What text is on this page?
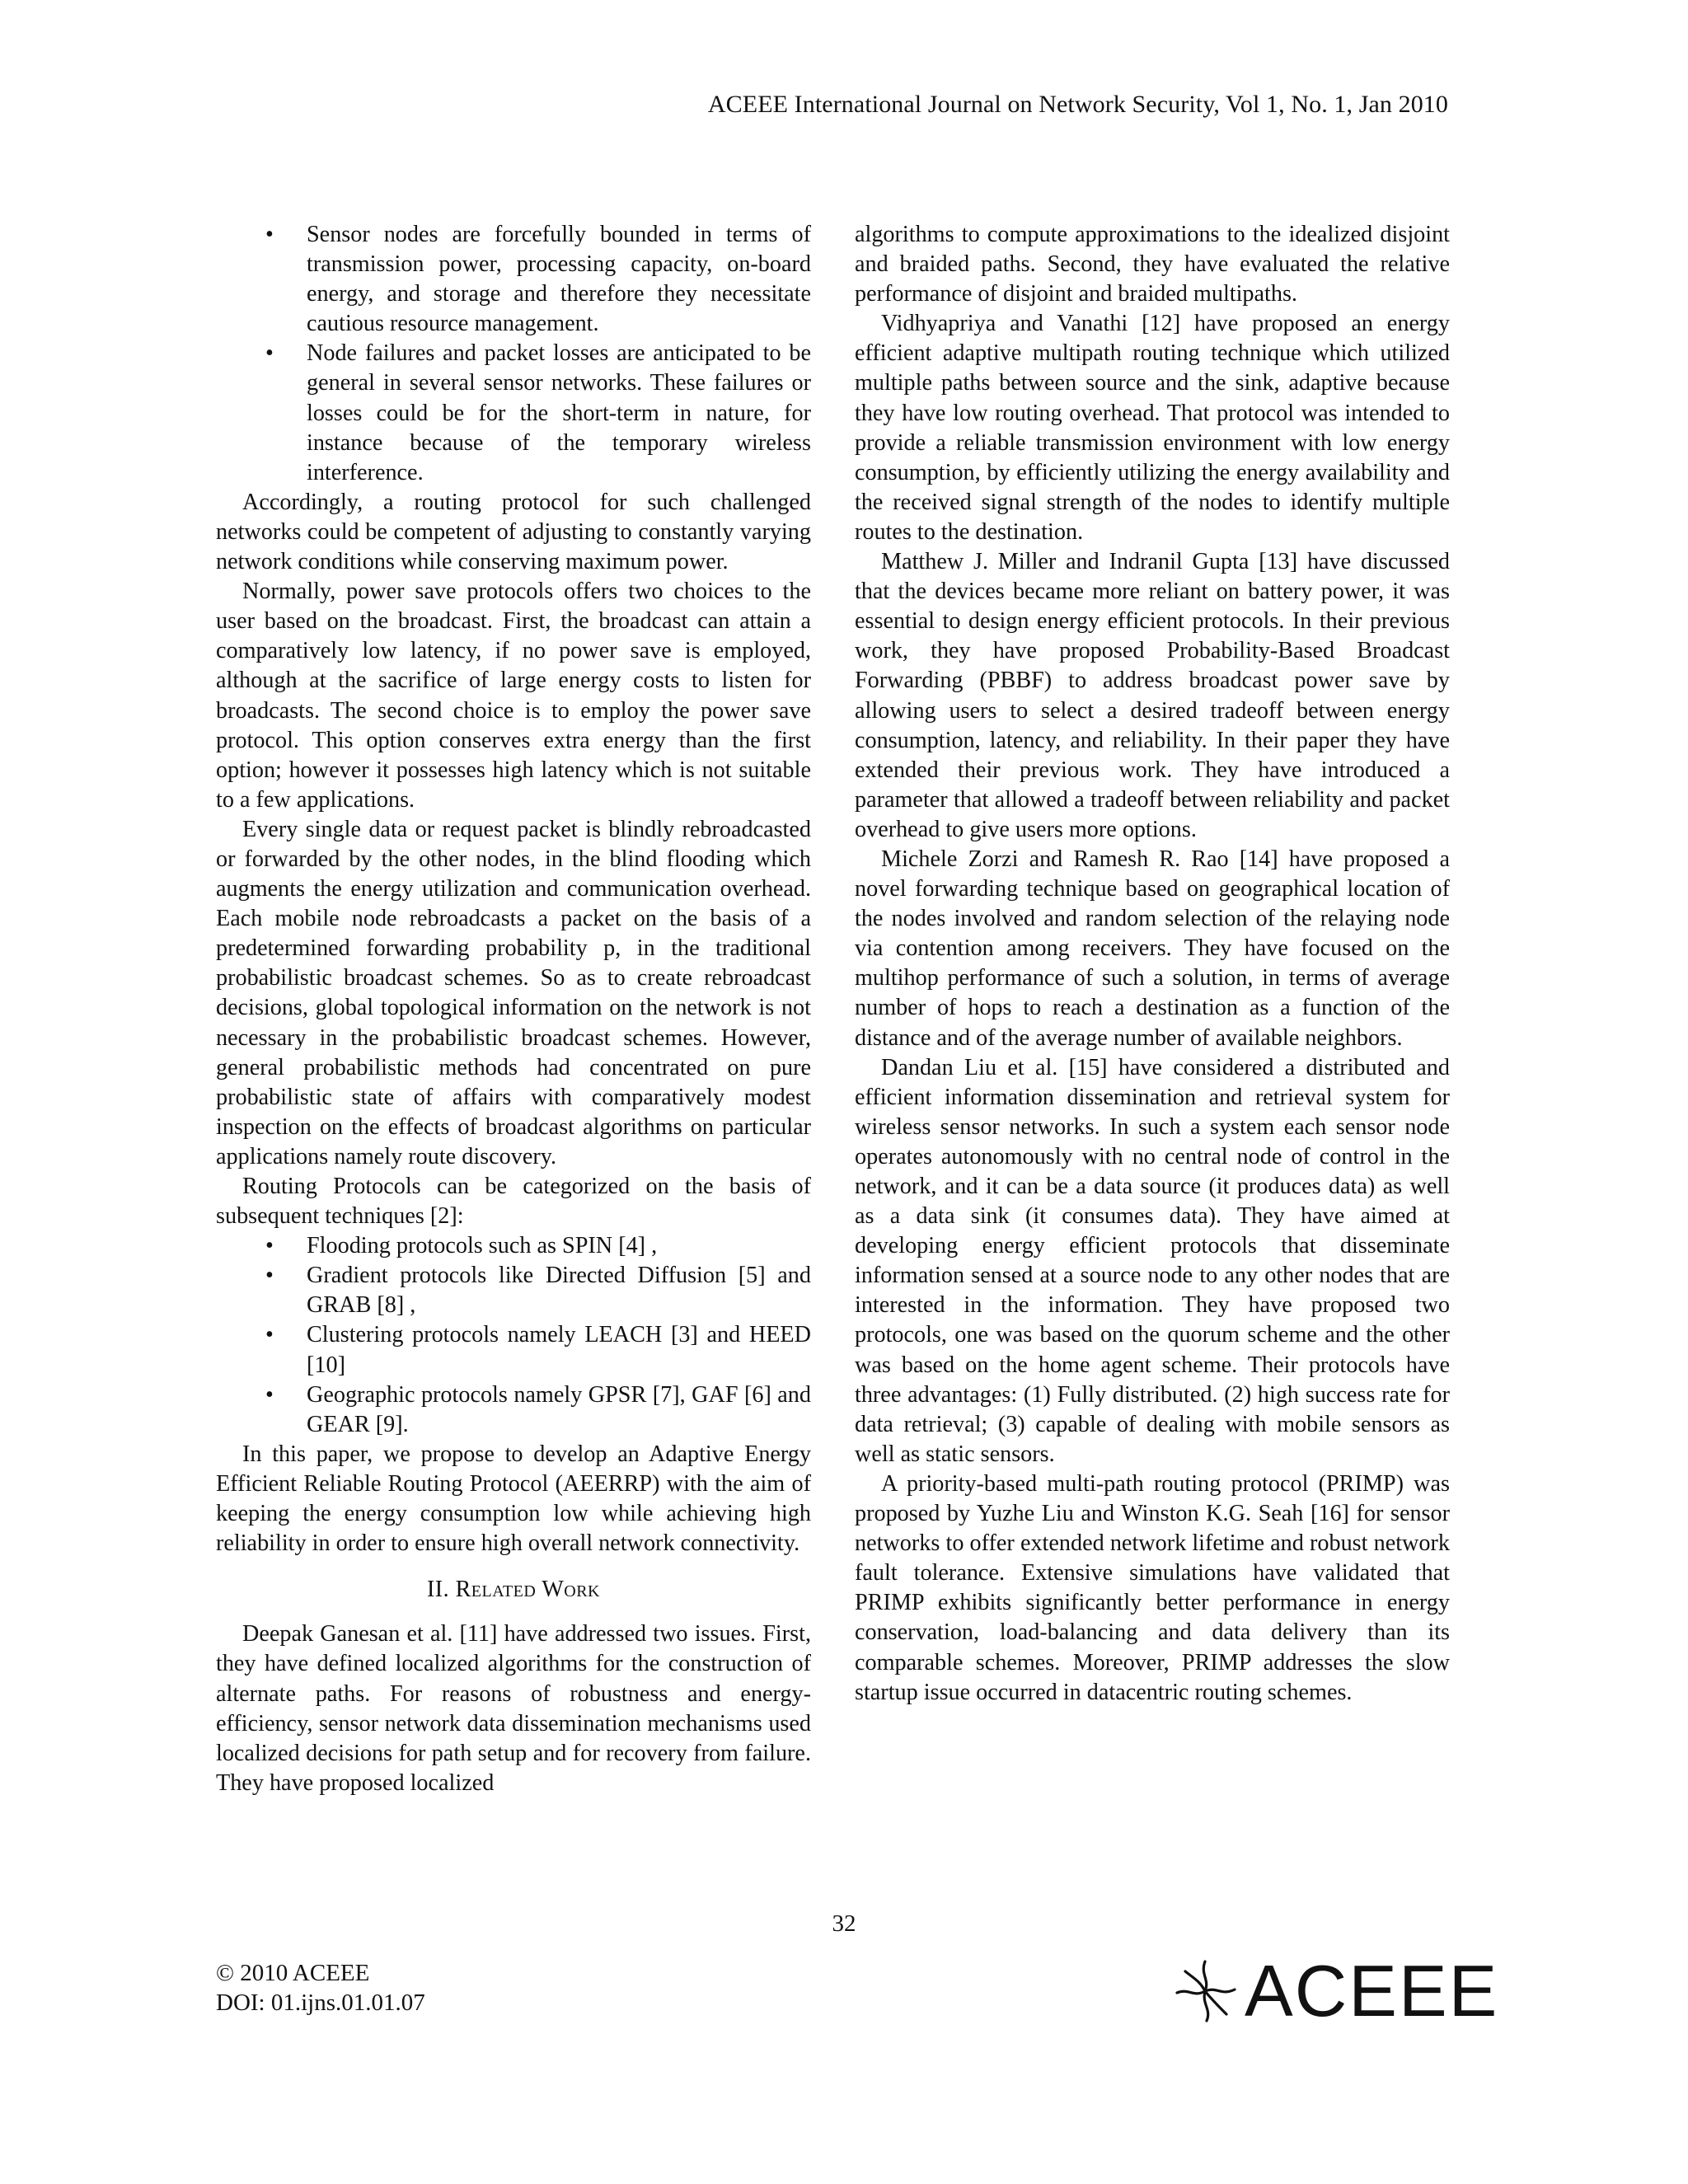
ACEEE International Journal on Network Security, Vol 1, No. 1, Jan 2010
• Sensor nodes are forcefully bounded in terms of transmission power, processing capacity, on-board energy, and storage and therefore they necessitate cautious resource management.
• Node failures and packet losses are anticipated to be general in several sensor networks. These failures or losses could be for the short-term in nature, for instance because of the temporary wireless interference.

Accordingly, a routing protocol for such challenged networks could be competent of adjusting to constantly varying network conditions while conserving maximum power.

Normally, power save protocols offers two choices to the user based on the broadcast. First, the broadcast can attain a comparatively low latency, if no power save is employed, although at the sacrifice of large energy costs to listen for broadcasts. The second choice is to employ the power save protocol. This option conserves extra energy than the first option; however it possesses high latency which is not suitable to a few applications.

Every single data or request packet is blindly rebroadcasted or forwarded by the other nodes, in the blind flooding which augments the energy utilization and communication overhead. Each mobile node rebroadcasts a packet on the basis of a predetermined forwarding probability p, in the traditional probabilistic broadcast schemes. So as to create rebroadcast decisions, global topological information on the network is not necessary in the probabilistic broadcast schemes. However, general probabilistic methods had concentrated on pure probabilistic state of affairs with comparatively modest inspection on the effects of broadcast algorithms on particular applications namely route discovery.

Routing Protocols can be categorized on the basis of subsequent techniques [2]:

• Flooding protocols such as SPIN [4] ,
• Gradient protocols like Directed Diffusion [5] and GRAB [8] ,
• Clustering protocols namely LEACH [3] and HEED [10]
• Geographic protocols namely GPSR [7], GAF [6] and GEAR [9].

In this paper, we propose to develop an Adaptive Energy Efficient Reliable Routing Protocol (AEERRP) with the aim of keeping the energy consumption low while achieving high reliability in order to ensure high overall network connectivity.

II. Related Work

Deepak Ganesan et al. [11] have addressed two issues. First, they have defined localized algorithms for the construction of alternate paths. For reasons of robustness and energy-efficiency, sensor network data dissemination mechanisms used localized decisions for path setup and for recovery from failure. They have proposed localized

algorithms to compute approximations to the idealized disjoint and braided paths. Second, they have evaluated the relative performance of disjoint and braided multipaths.

Vidhyapriya and Vanathi [12] have proposed an energy efficient adaptive multipath routing technique which utilized multiple paths between source and the sink, adaptive because they have low routing overhead. That protocol was intended to provide a reliable transmission environment with low energy consumption, by efficiently utilizing the energy availability and the received signal strength of the nodes to identify multiple routes to the destination.

Matthew J. Miller and Indranil Gupta [13] have discussed that the devices became more reliant on battery power, it was essential to design energy efficient protocols. In their previous work, they have proposed Probability-Based Broadcast Forwarding (PBBF) to address broadcast power save by allowing users to select a desired tradeoff between energy consumption, latency, and reliability. In their paper they have extended their previous work. They have introduced a parameter that allowed a tradeoff between reliability and packet overhead to give users more options.

Michele Zorzi and Ramesh R. Rao [14] have proposed a novel forwarding technique based on geographical location of the nodes involved and random selection of the relaying node via contention among receivers. They have focused on the multihop performance of such a solution, in terms of average number of hops to reach a destination as a function of the distance and of the average number of available neighbors.

Dandan Liu et al. [15] have considered a distributed and efficient information dissemination and retrieval system for wireless sensor networks. In such a system each sensor node operates autonomously with no central node of control in the network, and it can be a data source (it produces data) as well as a data sink (it consumes data). They have aimed at developing energy efficient protocols that disseminate information sensed at a source node to any other nodes that are interested in the information. They have proposed two protocols, one was based on the quorum scheme and the other was based on the home agent scheme. Their protocols have three advantages: (1) Fully distributed. (2) high success rate for data retrieval; (3) capable of dealing with mobile sensors as well as static sensors.

A priority-based multi-path routing protocol (PRIMP) was proposed by Yuzhe Liu and Winston K.G. Seah [16] for sensor networks to offer extended network lifetime and robust network fault tolerance. Extensive simulations have validated that PRIMP exhibits significantly better performance in energy conservation, load-balancing and data delivery than its comparable schemes. Moreover, PRIMP addresses the slow startup issue occurred in datacentric routing schemes.

32
© 2010 ACEEE
DOI: 01.ijns.01.01.07	ACEEE
